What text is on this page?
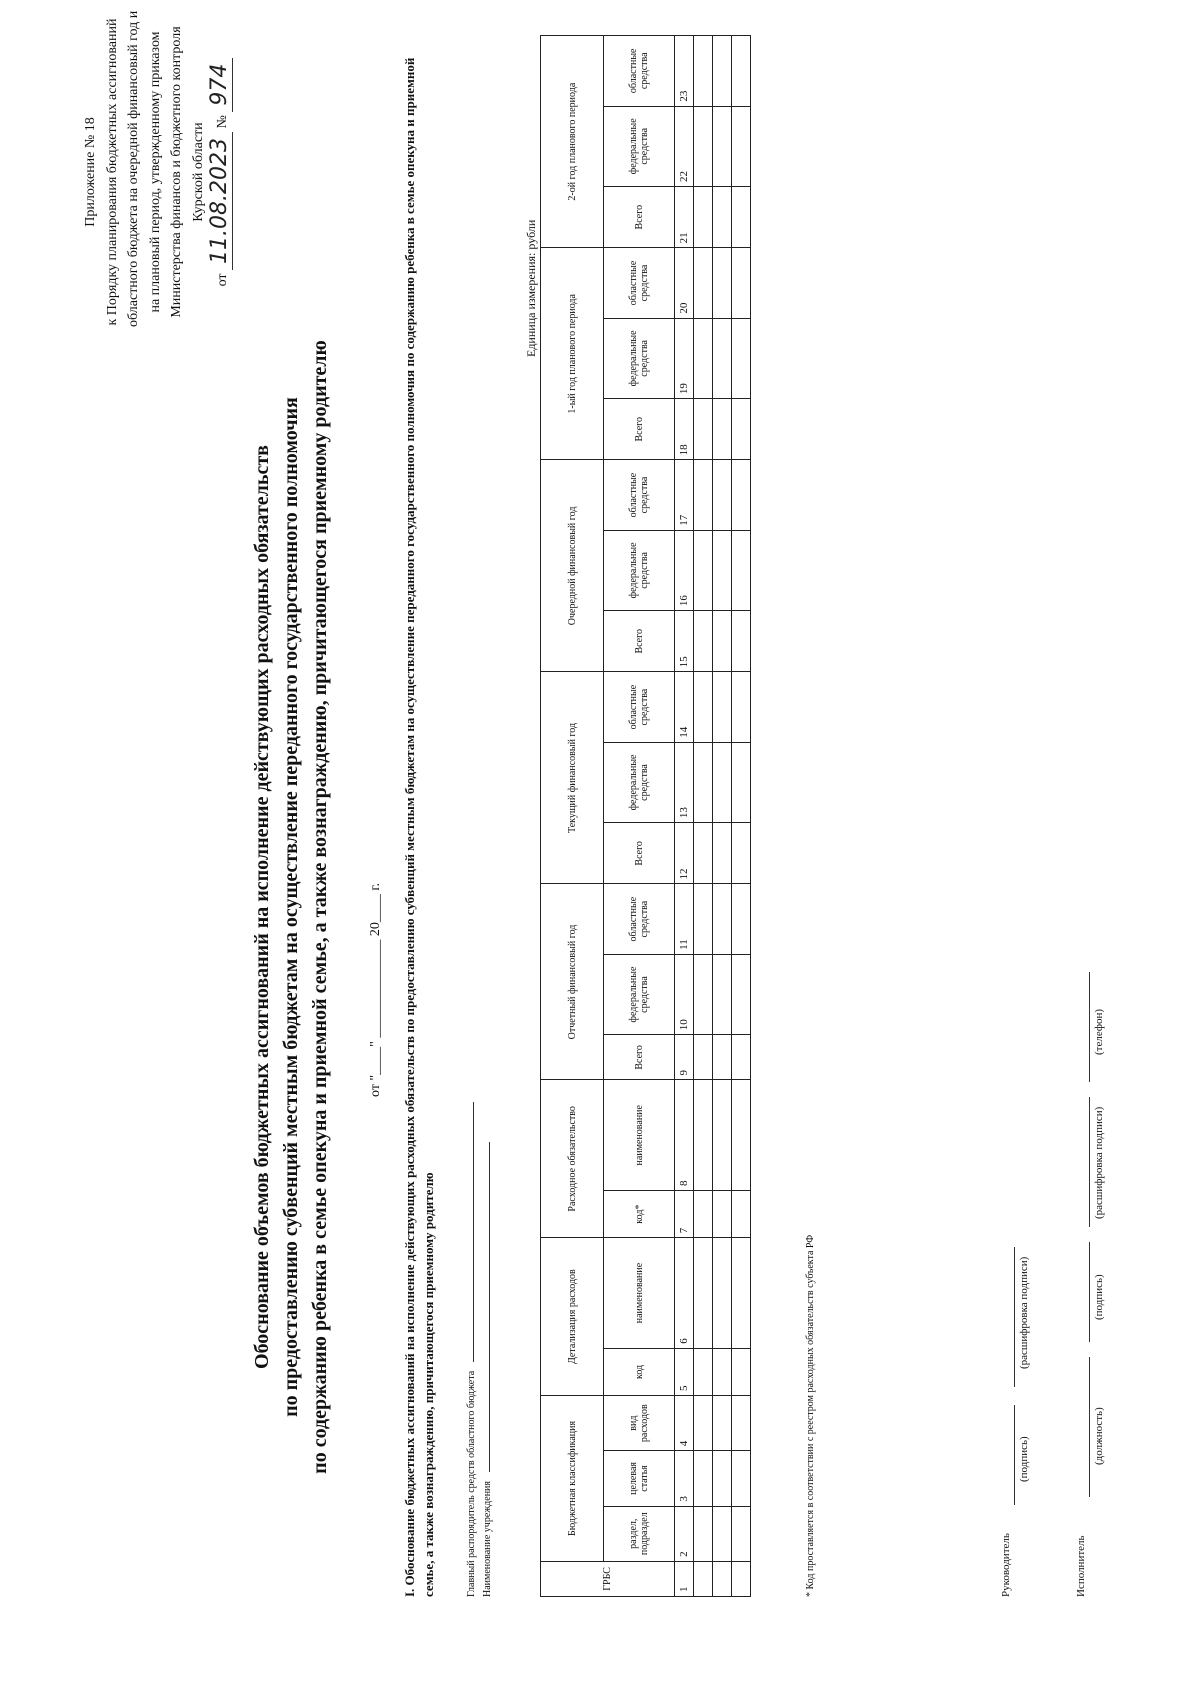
Приложение № 18 к Порядку планирования бюджетных ассигнований областного бюджета на очередной финансовый год и на плановый период, утвержденному приказом Министерства финансов и бюджетного контроля Курской области
от 11.08.2023 № 974
Обоснование объемов бюджетных ассигнований на исполнение действующих расходных обязательств по предоставлению субвенций местным бюджетам на осуществление переданного государственного полномочия по содержанию ребенка в семье опекуна и приемной семье, а также вознаграждению, причитающегося приемному родителю	от "____" ______________ 20____ г. I. Обоснование бюджетных ассигнований на исполнение действующих расходных обязательств по предоставлению субвенций местным бюджетам на осуществление переданного государственного полномочия по содержанию ребенка в семье опекуна и приемной семье, а также вознаграждению, причитающегося приемному родителю	Главный распорядитель средств областного бюджета Наименование учреждения
Единица измерения: рубли
ГРБС	Бюджетная классификация			Детализация расходов		Расходное обязательство		Отчетный финансовый год			Текущий финансовый год			Очередной финансовый год			1-ый год планового периода			2-ой год планового периода		
	раздел, подраздел	целевая статья	вид расходов	код	наименование	код*	наименование	Всего	федеральные средства	областные средства	Всего	федеральные средства	областные средства	Всего	федеральные средства	областные средства	Всего	федеральные средства	областные средства	Всего	федеральные средства	областные средства
1	2	3	4	5	6	7	8	9	10	11	12	13	14	15	16	17	18	19	20	21	22	23

* Код проставляется в соответствии с реестром расходных обязательств субъекта РФ	Руководитель
(подпись)
(расшифровка подписи)
Исполнитель
(должность)
(подпись)
(расшифровка подписи)
(телефон)
